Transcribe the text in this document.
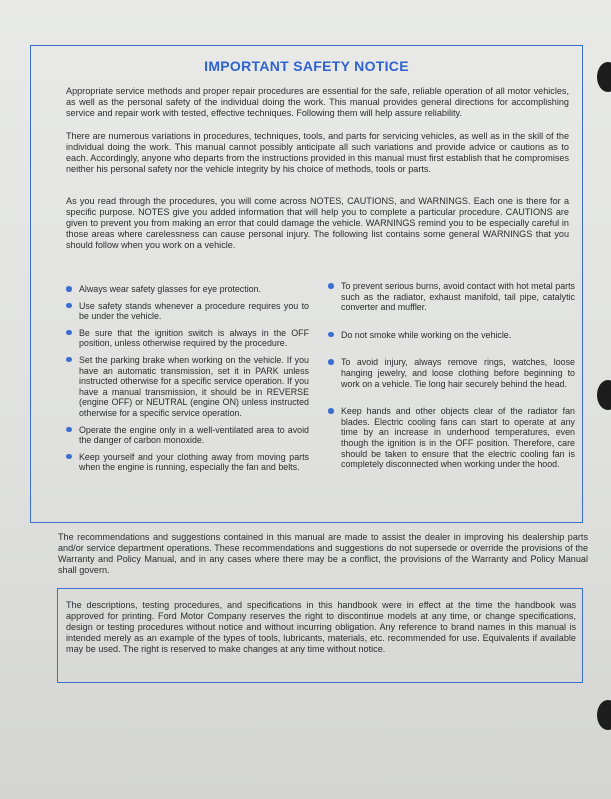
IMPORTANT SAFETY NOTICE

Appropriate service methods and proper repair procedures are essential for the safe, reliable operation of all motor vehicles, as well as the personal safety of the individual doing the work. This manual provides general directions for accomplishing service and repair work with tested, effective techniques. Following them will help assure reliability.

There are numerous variations in procedures, techniques, tools, and parts for servicing vehicles, as well as in the skill of the individual doing the work. This manual cannot possibly anticipate all such variations and provide advice or cautions as to each. Accordingly, anyone who departs from the instructions provided in this manual must first establish that he compromises neither his personal safety nor the vehicle integrity by his choice of methods, tools or parts.

As you read through the procedures, you will come across NOTES, CAUTIONS, and WARNINGS. Each one is there for a specific purpose. NOTES give you added information that will help you to complete a particular procedure. CAUTIONS are given to prevent you from making an error that could damage the vehicle. WARNINGS remind you to be especially careful in those areas where carelessness can cause personal injury. The following list contains some general WARNINGS that you should follow when you work on a vehicle.

Always wear safety glasses for eye protection.
Use safety stands whenever a procedure requires you to be under the vehicle.
Be sure that the ignition switch is always in the OFF position, unless otherwise required by the procedure.
Set the parking brake when working on the vehicle. If you have an automatic transmission, set it in PARK unless instructed otherwise for a specific service operation. If you have a manual transmission, it should be in REVERSE (engine OFF) or NEUTRAL (engine ON) unless instructed otherwise for a specific service operation.
Operate the engine only in a well-ventilated area to avoid the danger of carbon monoxide.
Keep yourself and your clothing away from moving parts when the engine is running, especially the fan and belts.
To prevent serious burns, avoid contact with hot metal parts such as the radiator, exhaust manifold, tail pipe, catalytic converter and muffler.
Do not smoke while working on the vehicle.
To avoid injury, always remove rings, watches, loose hanging jewelry, and loose clothing before beginning to work on a vehicle. Tie long hair securely behind the head.
Keep hands and other objects clear of the radiator fan blades. Electric cooling fans can start to operate at any time by an increase in underhood temperatures, even though the ignition is in the OFF position. Therefore, care should be taken to ensure that the electric cooling fan is completely disconnected when working under the hood.

The recommendations and suggestions contained in this manual are made to assist the dealer in improving his dealership parts and/or service department operations. These recommendations and suggestions do not supersede or override the provisions of the Warranty and Policy Manual, and in any cases where there may be a conflict, the provisions of the Warranty and Policy Manual shall govern.

The descriptions, testing procedures, and specifications in this handbook were in effect at the time the handbook was approved for printing. Ford Motor Company reserves the right to discontinue models at any time, or change specifications, design or testing procedures without notice and without incurring obligation. Any reference to brand names in this manual is intended merely as an example of the types of tools, lubricants, materials, etc. recommended for use. Equivalents if available may be used. The right is reserved to make changes at any time without notice.
